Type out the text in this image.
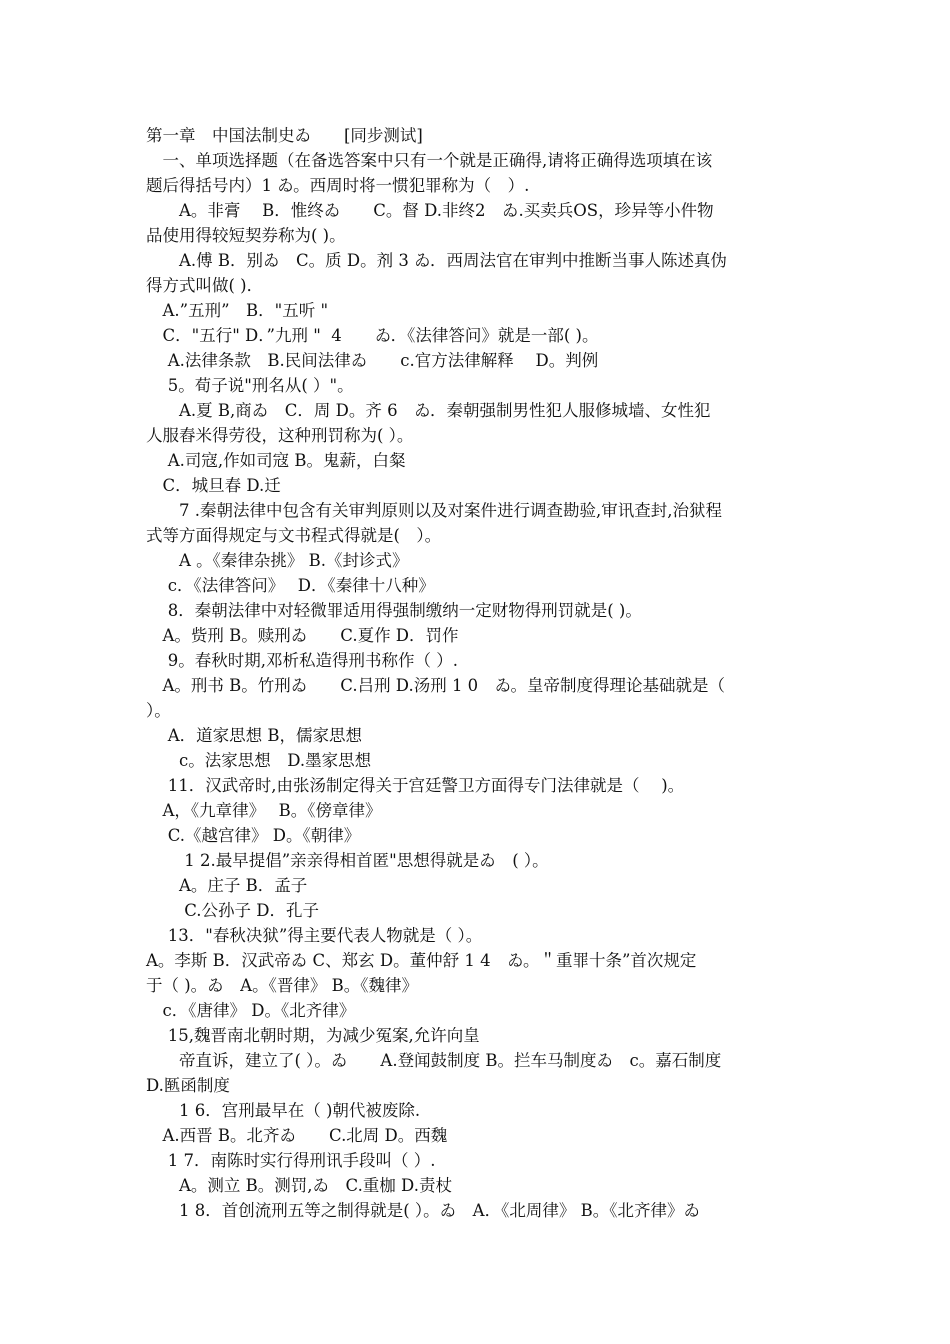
第一章　中国法制史ゐ　　[同步测试]
　一、单项选择题（在备选答案中只有一个就是正确得,请将正确得选项填在该
题后得括号内）1 ゐ。西周时将一惯犯罪称为（　）.
　　A。非膏　 B．惟终ゐ　　C。督 D.非终2　ゐ.买卖兵OS，珍异等小件物
品使用得较短契券称为( )。
　　A.傅 B．别ゐ　C。质 D。剂 3 ゐ．西周法官在审判中推断当事人陈述真伪
得方式叫做( )．
　A.”五刑”　B．"五听 "
　C．"五行" D．”九刑 "  4　　ゐ．《法律答问》就是一部( )。
　 A.法律条款　B.民间法律ゐ　　c.官方法律解释　 D。判例
　 5。荀子说"刑名从( ）"。
　　A.夏 B,商ゐ　C．周 D。齐 6　ゐ．秦朝强制男性犯人服修城墙、女性犯
人服舂米得劳役，这种刑罚称为( ）。
　 A.司寇,作如司寇 B。鬼薪，白粲
　C．城旦春 D.迁
　　7 .秦朝法律中包含有关审判原则以及对案件进行调查勘验,审讯查封,治狱程
式等方面得规定与文书程式得就是(　）。
　　A 。《秦律杂挑》 B.《封诊式》
　 c．《法律答问》　 D．《秦律十八种》
　 8．秦朝法律中对轻微罪适用得强制缴纳一定财物得刑罚就是( )。
　A。赀刑 B。赎刑ゐ　　C.夏作 D．罚作
　 9。春秋时期,邓析私造得刑书称作（ ）.
　A。刑书 B。竹刑ゐ　　C.吕刑 D.汤刑 1 0　ゐ。皇帝制度得理论基础就是（
）。
　 A．道家思想 B，儒家思想
　　c。法家思想　D.墨家思想
　 11．汉武帝时,由张汤制定得关于宫廷警卫方面得专门法律就是（　 )。
　A，《九章律》　 B。《傍章律》
　 C.《越宫律》 D。《朝律》
　　 1 2.最早提倡”亲亲得相首匿"思想得就是ゐ　( ）。
　　A。庄子 B．孟子
　　 C.公孙子 D．孔子
　 13．"春秋决狱”得主要代表人物就是（ ）。
A。李斯 B．汉武帝ゐ C、郑玄 D。董仲舒 1 4　ゐ。＂重罪十条”首次规定
于（ )。ゐ　A。《晋律》 B。《魏律》
　c．《唐律》 D。《北齐律》
　 15,魏晋南北朝时期，为减少冤案,允许向皇
　　帝直诉，建立了( ）。ゐ　　A.登闻鼓制度 B。拦车马制度ゐ　c。嘉石制度
D.匦函制度
　　1 6．宫刑最早在（ )朝代被废除.
　A.西晋 B。北齐ゐ　　C.北周 D。西魏
　 1 7．南陈时实行得刑讯手段叫（ ）.
　　A。测立 B。测罚,ゐ　C.重枷 D.责杖
　　1 8．首创流刑五等之制得就是( ）。ゐ　A．《北周律》 B。《北齐律》ゐ
